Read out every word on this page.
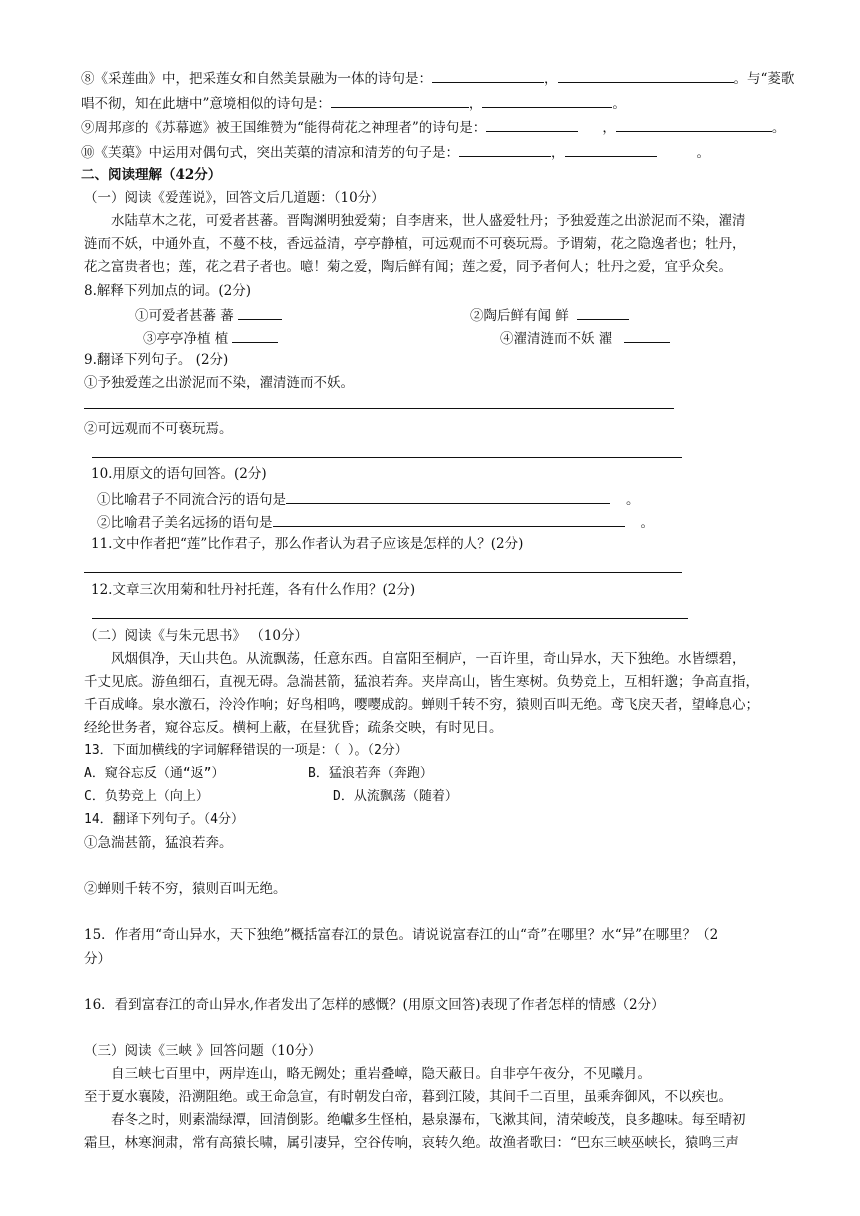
⑧《采莲曲》中，把采莲女和自然美景融为一体的诗句是：	，	。与“菱歌
唱不彻，知在此塘中”意境相似的诗句是：	，	。
⑨周邦彦的《苏幕遮》被王国维赞为“能得荷花之神理者”的诗句是：	，	。
⑩《芙蕖》中运用对偶句式，突出芙蕖的清凉和清芳的句子是：	，	。
二、阅读理解（42分）
（一）阅读《爱莲说》，回答文后几道题：（10分）
水陆草木之花，可爱者甚蕃。晋陶渊明独爱菊；自李唐来，世人盛爱牡丹；予独爱莲之出淤泥而不染，濯清
涟而不妖，中通外直，不蔓不枝，香远益清，亭亭静植，可远观而不可亵玩焉。予谓菊，花之隐逸者也；牡丹，
花之富贵者也；莲，花之君子者也。噫！菊之爱，陶后鲜有闻；莲之爱，同予者何人；牡丹之爱，宜乎众矣。
8.解释下列加点的词。(2分)
①可爱者甚蕃 蕃	②陶后鲜有闻 鲜
③亭亭净植 植	④濯清涟而不妖 濯
9.翻译下列句子。 (2分)
①予独爱莲之出淤泥而不染，濯清涟而不妖。
②可远观而不可亵玩焉。
10.用原文的语句回答。(2分)
①比喻君子不同流合污的语句是	。
②比喻君子美名远扬的语句是	。
11.文中作者把“莲”比作君子，那么作者认为君子应该是怎样的人？(2分)
12.文章三次用菊和牡丹衬托莲，各有什么作用？(2分)
（二）阅读《与朱元思书》 （10分）
风烟俱净，天山共色。从流飘荡，任意东西。自富阳至桐庐，一百许里，奇山异水，天下独绝。水皆缥碧，
千丈见底。游鱼细石，直视无碍。急湍甚箭，猛浪若奔。夹岸高山，皆生寒树。负势竞上，互相轩邈；争高直指，
千百成峰。泉水激石，泠泠作响；好鸟相鸣，嘤嘤成韵。蝉则千转不穷，猿则百叫无绝。鸢飞戾天者，望峰息心；
经纶世务者，窥谷忘反。横柯上蔽，在昼犹昏；疏条交映，有时见日。
13．下面加横线的字词解释错误的一项是：（ ）。（2分）
A．窥谷忘反（通“返”）	B．猛浪若奔（奔跑）
C．负势竞上（向上）	D．从流飘荡（随着）
14．翻译下列句子。（4分）
①急湍甚箭，猛浪若奔。
②蝉则千转不穷，猿则百叫无绝。
15．作者用“奇山异水，天下独绝”概括富春江的景色。请说说富春江的山“奇”在哪里？水“异”在哪里？（2
分）
16．看到富春江的奇山异水,作者发出了怎样的感慨？(用原文回答)表现了作者怎样的情感（2分）
（三）阅读《三峡 》回答问题（10分）
自三峡七百里中，两岸连山，略无阙处；重岩叠嶂，隐天蔽日。自非亭午夜分，不见曦月。
至于夏水襄陵，沿溯阻绝。或王命急宣，有时朝发白帝，暮到江陵，其间千二百里，虽乘奔御风，不以疾也。
春冬之时，则素湍绿潭，回清倒影。绝巘多生怪柏，悬泉瀑布，飞漱其间，清荣峻茂，良多趣味。每至晴初
霜旦，林寒涧肃，常有高猿长啸，属引凄异，空谷传响，哀转久绝。故渔者歌曰：“巴东三峡巫峡长，猿鸣三声
